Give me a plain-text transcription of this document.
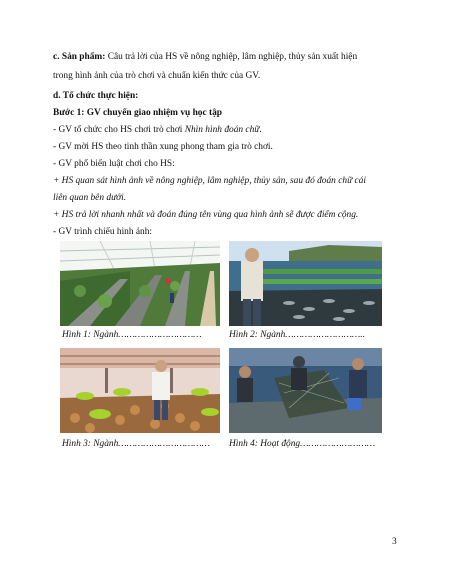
c. Sản phẩm: Câu trả lời của HS về nông nghiệp, lâm nghiệp, thủy sản xuất hiện
trong hình ảnh của trò chơi và chuẩn kiến thức của GV.
d. Tổ chức thực hiện:
Bước 1: GV chuyển giao nhiệm vụ học tập
- GV tổ chức cho HS chơi trò chơi Nhìn hình đoán chữ.
- GV mời HS theo tinh thần xung phong tham gia trò chơi.
- GV phổ biến luật chơi cho HS:
+ HS quan sát hình ảnh về nông nghiệp, lâm nghiệp, thủy sản, sau đó đoán chữ cái
liên quan bên dưới.
+ HS trả lời nhanh nhất và đoán đúng tên vùng qua hình ảnh sẽ được điểm cộng.
- GV trình chiếu hình ảnh:
Hình 1: Ngành…………………………	Hình 2: Ngành………………………..
Hình 3: Ngành…………………………… Hình 4: Hoạt động………………………
3
